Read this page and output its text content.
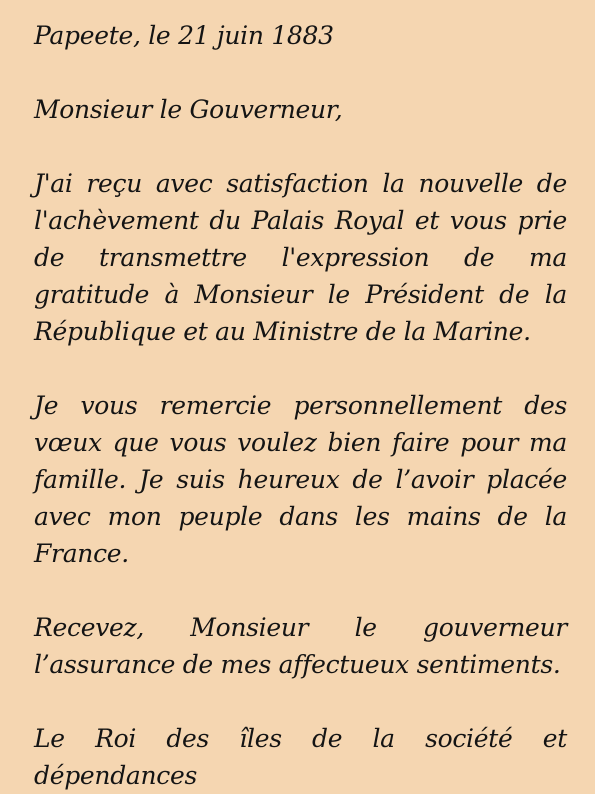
Papeete, le 21 juin 1883

Monsieur le Gouverneur,

J'ai reçu avec satisfaction la nouvelle de l'achèvement du Palais Royal et vous prie de transmettre l'expression de ma gratitude à Monsieur le Président de la République et au Ministre de la Marine.

Je vous remercie personnellement des vœux que vous voulez bien faire pour ma famille. Je suis heureux de l’avoir placée avec mon peuple dans les mains de la France.

Recevez, Monsieur le gouverneur
l’assurance de mes affectueux sentiments.

Le Roi des îles de la société et dépendances
